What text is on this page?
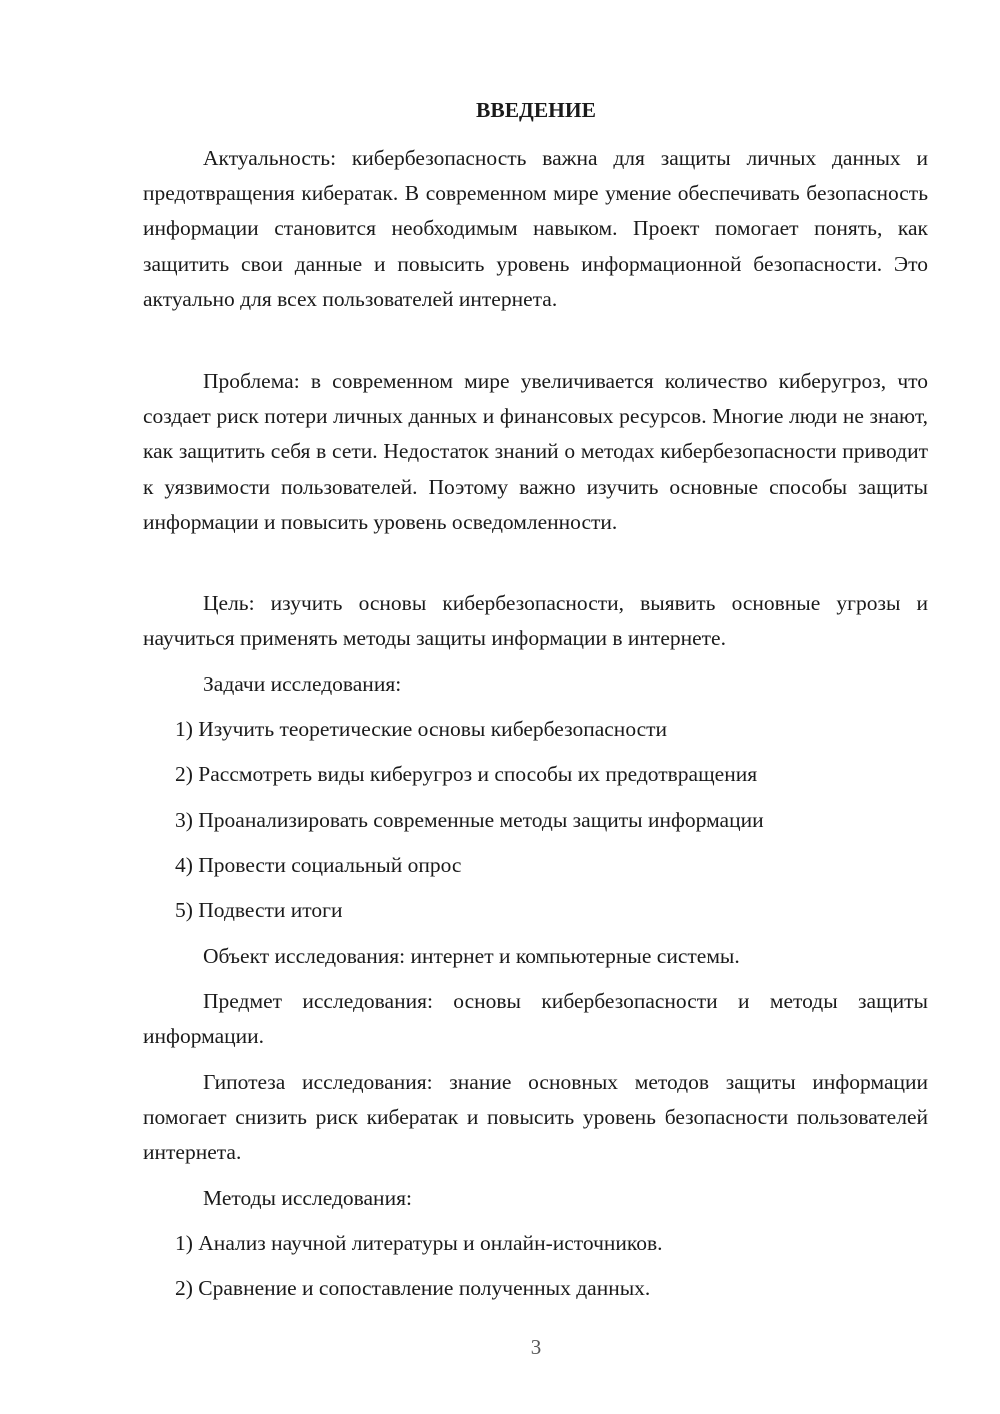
ВВЕДЕНИЕ

Актуальность: кибербезопасность важна для защиты личных данных и предотвращения кибератак. В современном мире умение обеспечивать безопасность информации становится необходимым навыком. Проект помогает понять, как защитить свои данные и повысить уровень информационной безопасности. Это актуально для всех пользователей интернета.

Проблема: в современном мире увеличивается количество киберугроз, что создает риск потери личных данных и финансовых ресурсов. Многие люди не знают, как защитить себя в сети. Недостаток знаний о методах кибербезопасности приводит к уязвимости пользователей. Поэтому важно изучить основные способы защиты информации и повысить уровень осведомленности.

Цель: изучить основы кибербезопасности, выявить основные угрозы и научиться применять методы защиты информации в интернете.

Задачи исследования:

1) Изучить теоретические основы кибербезопасности

2) Рассмотреть виды киберугроз и способы их предотвращения

3) Проанализировать современные методы защиты информации

4) Провести социальный опрос

5) Подвести итоги

Объект исследования: интернет и компьютерные системы.

Предмет исследования: основы кибербезопасности и методы защиты информации.

Гипотеза исследования: знание основных методов защиты информации помогает снизить риск кибератак и повысить уровень безопасности пользователей интернета.

Методы исследования:

1) Анализ научной литературы и онлайн-источников.

2) Сравнение и сопоставление полученных данных.

3
